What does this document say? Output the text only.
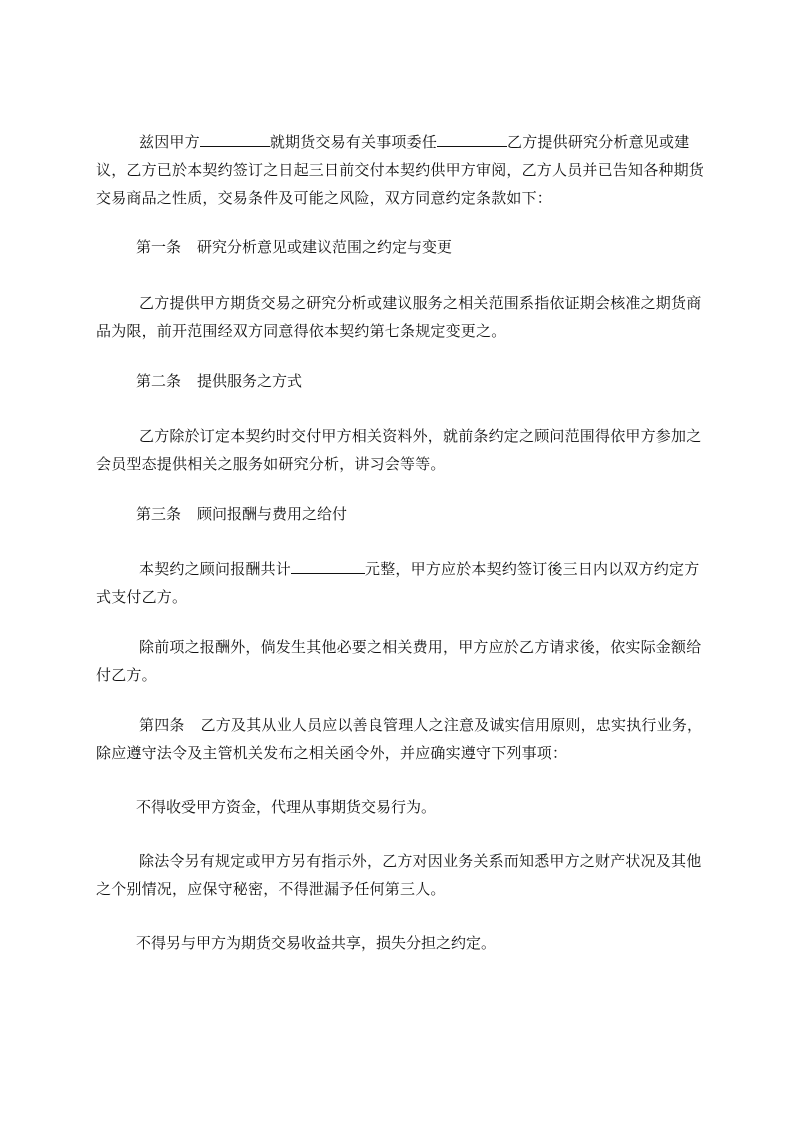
兹因甲方	就期货交易有关事项委任	乙方提供研究分析意见或建议，乙方已於本契约签订之日起三日前交付本契约供甲方审阅，乙方人员并已告知各种期货交易商品之性质，交易条件及可能之风险，双方同意约定条款如下：

第一条 研究分析意见或建议范围之约定与变更

乙方提供甲方期货交易之研究分析或建议服务之相关范围系指依证期会核准之期货商品为限，前开范围经双方同意得依本契约第七条规定变更之。

第二条 提供服务之方式

乙方除於订定本契约时交付甲方相关资料外，就前条约定之顾问范围得依甲方参加之会员型态提供相关之服务如研究分析，讲习会等等。

第三条 顾问报酬与费用之给付

本契约之顾问报酬共计	元整，甲方应於本契约签订後三日内以双方约定方式支付乙方。

除前项之报酬外，倘发生其他必要之相关费用，甲方应於乙方请求後，依实际金额给付乙方。

第四条 乙方及其从业人员应以善良管理人之注意及诚实信用原则，忠实执行业务，除应遵守法令及主管机关发布之相关函令外，并应确实遵守下列事项：

不得收受甲方资金，代理从事期货交易行为。

除法令另有规定或甲方另有指示外，乙方对因业务关系而知悉甲方之财产状况及其他之个别情况，应保守秘密，不得泄漏予任何第三人。

不得另与甲方为期货交易收益共享，损失分担之约定。
